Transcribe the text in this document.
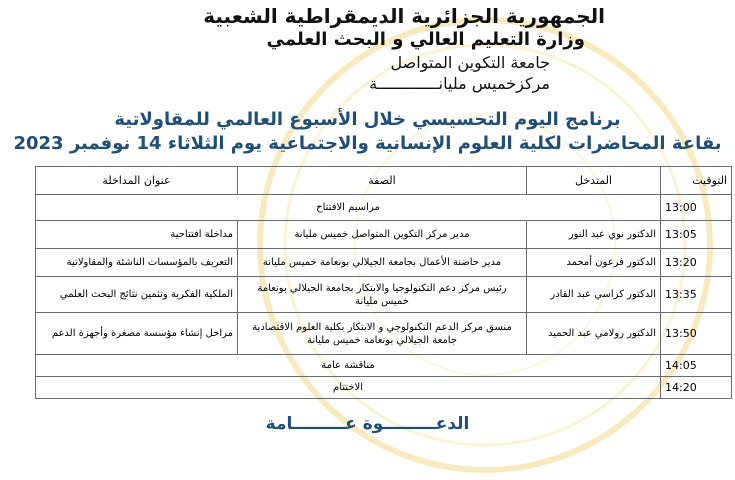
الجمهورية الجزائرية الديمقراطية الشعبية
وزارة التعليم العالي و البحث العلمي
جامعة التكوين المتواصل
مركزخميس مليانـــــــــــــة
برنامج اليوم التحسيسي خلال الأسبوع العالمي للمقاولاتية
بقاعة المحاضرات لكلية العلوم الإنسانية والاجتماعية يوم الثلاثاء 14 نوفمبر 2023
التوقيت	المتدخل	الصفة	عنوان المداخلة
13:00	مراسيم الافتتاح		
13:05	الدكتور نوي عبد النور	مدير مركز التكوين المتواصل خميس مليانة	مداخلة افتتاحية
13:20	الدكتور فرعون أمحمد	مدير حاضنة الأعمال بجامعة الجيلالي بونعامة خميس مليانة	التعريف بالمؤسسات الناشئة والمقاولاتية
13:35	الدكتور كراسي عبد القادر	رئيس مركز دعم التكنولوجيا والابتكار بجامعة الجيلالي بونعامة خميس مليانة	الملكية الفكرية وتثمين نتائج البحث العلمي
13:50	الدكتور رولامي عبد الحميد	منسق مركز الدعم التكنولوجي و الابتكار بكلية العلوم الاقتصادية جامعة الجيلالي بونعامة خميس مليانة	مراحل إنشاء مؤسسة مصغرة وأجهزة الدعم
14:05	مناقشة عامة		
14:20	الاختتام		
الدعـــــــــوة عـــــــــامة
